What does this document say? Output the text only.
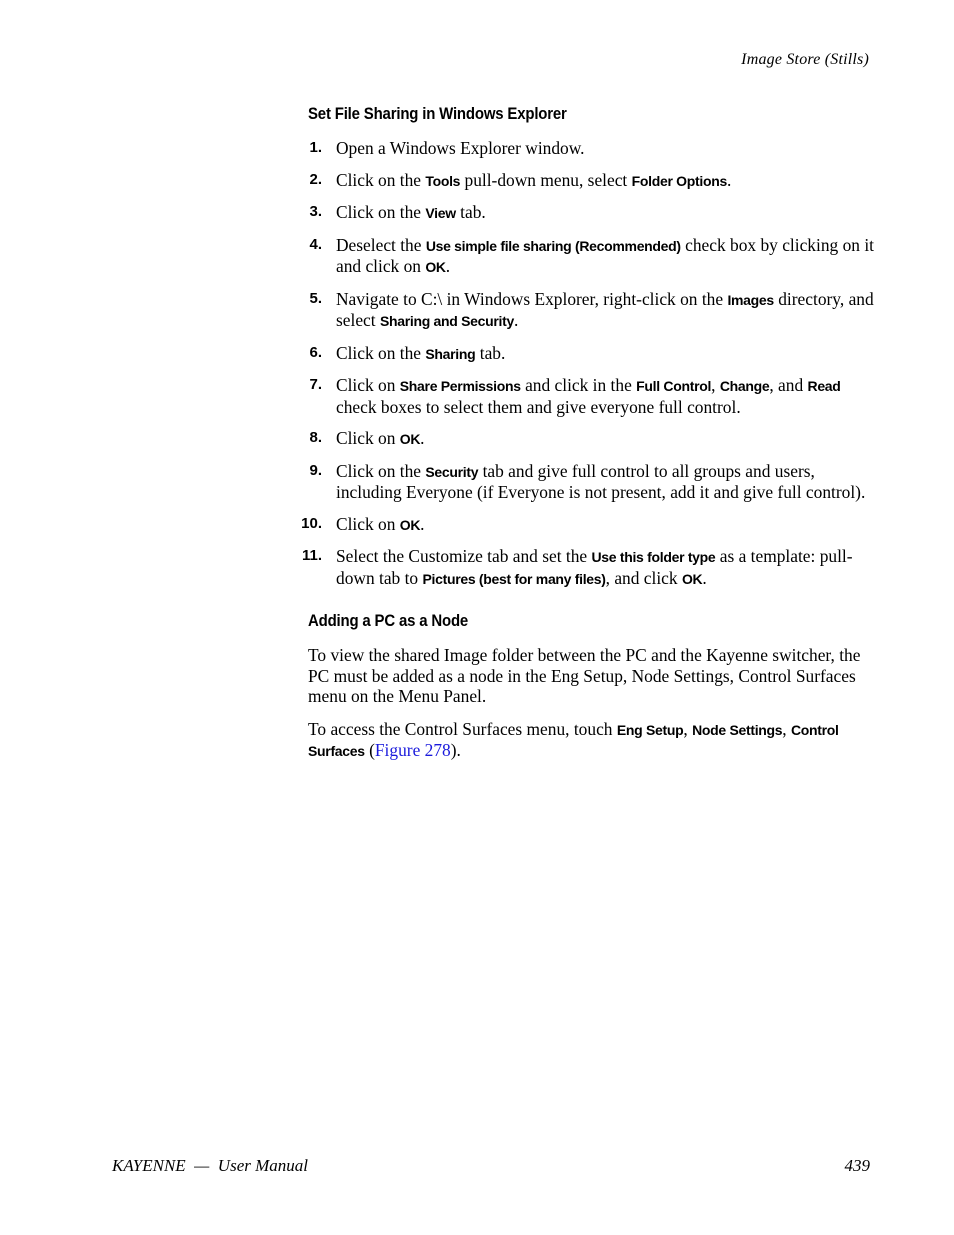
Image Store (Stills)
Set File Sharing in Windows Explorer
1. Open a Windows Explorer window.
2. Click on the Tools pull-down menu, select Folder Options.
3. Click on the View tab.
4. Deselect the Use simple file sharing (Recommended) check box by clicking on it and click on OK.
5. Navigate to C:\ in Windows Explorer, right-click on the Images directory, and select Sharing and Security.
6. Click on the Sharing tab.
7. Click on Share Permissions and click in the Full Control, Change, and Read check boxes to select them and give everyone full control.
8. Click on OK.
9. Click on the Security tab and give full control to all groups and users, including Everyone (if Everyone is not present, add it and give full control).
10. Click on OK.
11. Select the Customize tab and set the Use this folder type as a template: pull-down tab to Pictures (best for many files), and click OK.
Adding a PC as a Node

To view the shared Image folder between the PC and the Kayenne switcher, the PC must be added as a node in the Eng Setup, Node Settings, Control Surfaces menu on the Menu Panel.

To access the Control Surfaces menu, touch Eng Setup, Node Settings, Control Surfaces (Figure 278).

KAYENNE  —  User Manual	439
